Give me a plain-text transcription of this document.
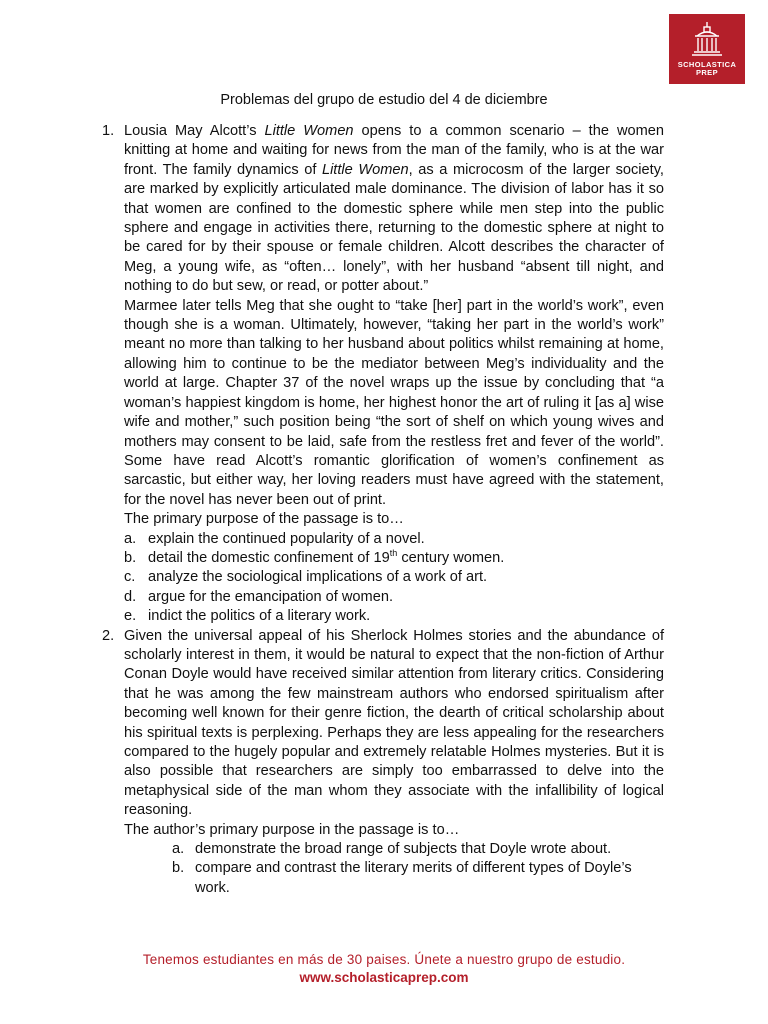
SCHOLASTICA
PREP
Problemas del grupo de estudio del 4 de diciembre
1. Lousia May Alcott’s Little Women opens to a common scenario – the women knitting at home and waiting for news from the man of the family, who is at the war front. The family dynamics of Little Women, as a microcosm of the larger society, are marked by explicitly articulated male dominance. The division of labor has it so that women are confined to the domestic sphere while men step into the public sphere and engage in activities there, returning to the domestic sphere at night to be cared for by their spouse or female children. Alcott describes the character of Meg, a young wife, as “often… lonely”, with her husband “absent till night, and nothing to do but sew, or read, or potter about.”

Marmee later tells Meg that she ought to “take [her] part in the world’s work”, even though she is a woman. Ultimately, however, “taking her part in the world’s work” meant no more than talking to her husband about politics whilst remaining at home, allowing him to continue to be the mediator between Meg’s individuality and the world at large. Chapter 37 of the novel wraps up the issue by concluding that “a woman’s happiest kingdom is home, her highest honor the art of ruling it [as a] wise wife and mother,” such position being “the sort of shelf on which young wives and mothers may consent to be laid, safe from the restless fret and fever of the world”. Some have read Alcott’s romantic glorification of women’s confinement as sarcastic, but either way, her loving readers must have agreed with the statement, for the novel has never been out of print.

The primary purpose of the passage is to…

a. explain the continued popularity of a novel.
b. detail the domestic confinement of 19th century women.
c. analyze the sociological implications of a work of art.
d. argue for the emancipation of women.
e. indict the politics of a literary work.
2. Given the universal appeal of his Sherlock Holmes stories and the abundance of scholarly interest in them, it would be natural to expect that the non-fiction of Arthur Conan Doyle would have received similar attention from literary critics. Considering that he was among the few mainstream authors who endorsed spiritualism after becoming well known for their genre fiction, the dearth of critical scholarship about his spiritual texts is perplexing. Perhaps they are less appealing for the researchers compared to the hugely popular and extremely relatable Holmes mysteries. But it is also possible that researchers are simply too embarrassed to delve into the metaphysical side of the man whom they associate with the infallibility of logical reasoning.

The author’s primary purpose in the passage is to…

a. demonstrate the broad range of subjects that Doyle wrote about.
b. compare and contrast the literary merits of different types of Doyle’s work.
Tenemos estudiantes en más de 30 paises. Únete a nuestro grupo de estudio.
www.scholasticaprep.com
